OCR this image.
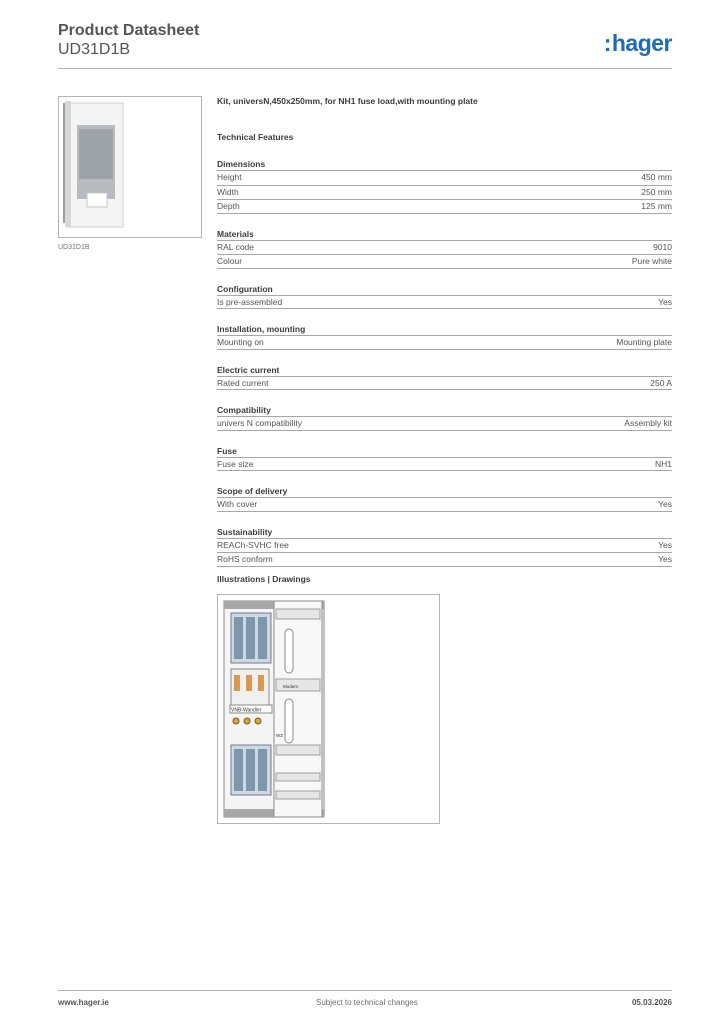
Product Datasheet
UD31D1B	:hager
UD31D1B
Kit, universN,450x250mm, for NH1 fuse load,with mounting plate
Technical Features
Dimensions
Height	450 mm
Width	250 mm
Depth	125 mm
Materials
RAL code	9010
Colour	Pure white
Configuration
Is pre-assembled	Yes
Installation, mounting
Mounting on	Mounting plate
Electric current
Rated current	250 A
Compatibility
univers N compatibility	Assembly kit
Fuse
Fuse size	NH1
Scope of delivery
With cover	Yes
Sustainability
REACh-SVHC free	Yes
RoHS conform	Yes
Illustrations | Drawings
VNB-Wandler
Modem
WZ
www.hager.ie	Subject to technical changes	05.03.2026
